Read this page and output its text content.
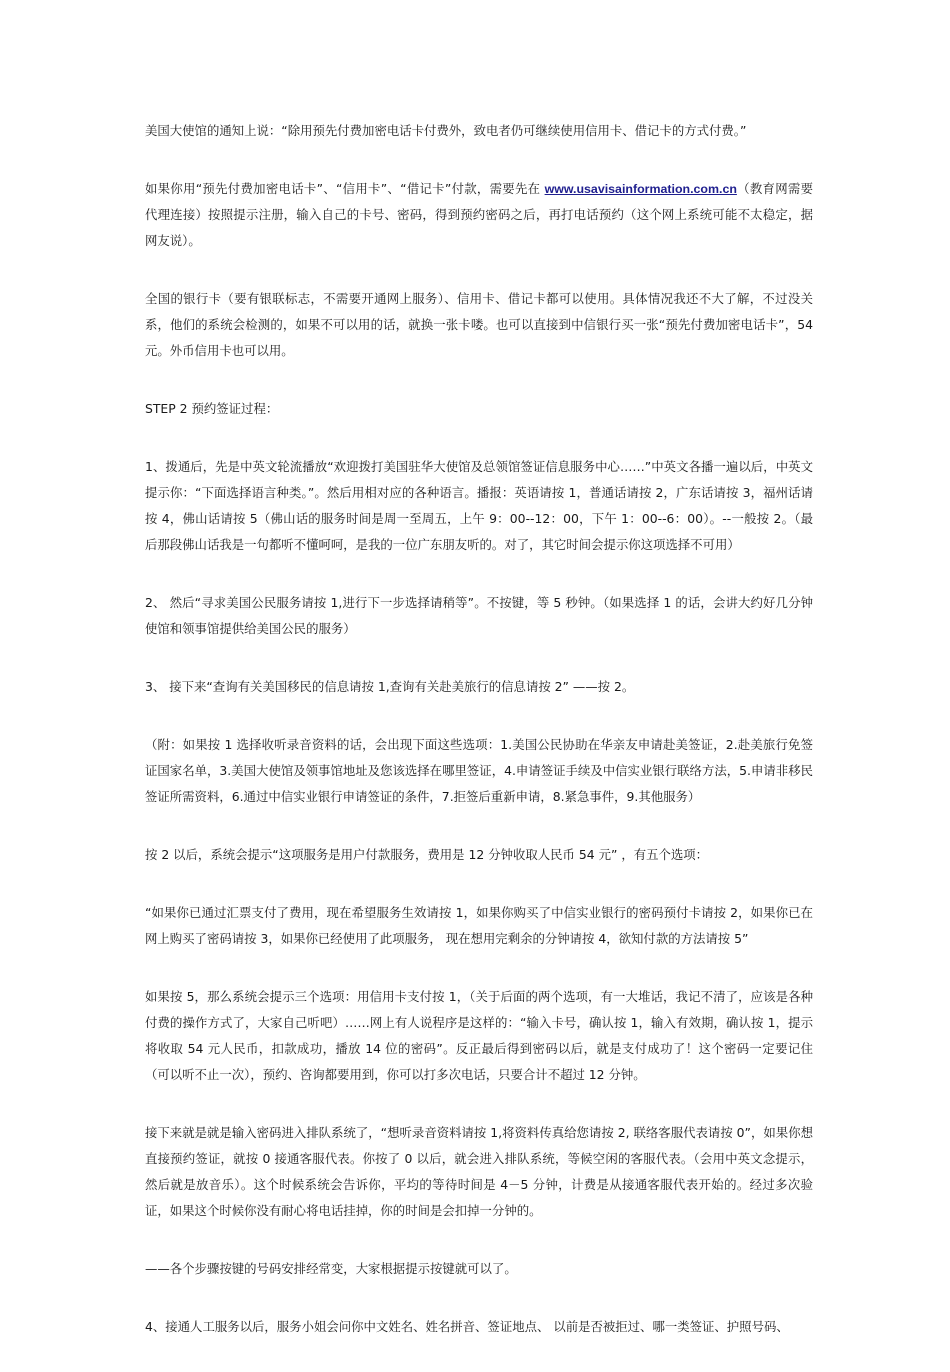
美国大使馆的通知上说：“除用预先付费加密电话卡付费外，致电者仍可继续使用信用卡、借记卡的方式付费。”

如果你用“预先付费加密电话卡”、“信用卡”、“借记卡”付款，需要先在 www.usavisainformation.com.cn（教育网需要代理连接）按照提示注册，输入自己的卡号、密码，得到预约密码之后，再打电话预约（这个网上系统可能不太稳定，据网友说）。

全国的银行卡（要有银联标志，不需要开通网上服务）、信用卡、借记卡都可以使用。具体情况我还不大了解，不过没关系，他们的系统会检测的，如果不可以用的话，就换一张卡喽。也可以直接到中信银行买一张“预先付费加密电话卡”，54 元。外币信用卡也可以用。

STEP 2 预约签证过程：

1、拨通后，先是中英文轮流播放“欢迎拨打美国驻华大使馆及总领馆签证信息服务中心……”中英文各播一遍以后，中英文提示你：“下面选择语言种类。”。然后用相对应的各种语言。播报：英语请按 1，普通话请按 2，广东话请按 3，福州话请按 4，佛山话请按 5（佛山话的服务时间是周一至周五，上午 9：00--12：00，下午 1：00--6：00）。--一般按 2。（最后那段佛山话我是一句都听不懂呵呵，是我的一位广东朋友听的。对了，其它时间会提示你这项选择不可用）

2、 然后“寻求美国公民服务请按 1,进行下一步选择请稍等”。不按键，等 5 秒钟。（如果选择 1 的话，会讲大约好几分钟使馆和领事馆提供给美国公民的服务）

3、 接下来“查询有关美国移民的信息请按 1,查询有关赴美旅行的信息请按 2” ——按 2。

（附：如果按 1 选择收听录音资料的话，会出现下面这些选项：1.美国公民协助在华亲友申请赴美签证，2.赴美旅行免签证国家名单，3.美国大使馆及领事馆地址及您该选择在哪里签证，4.申请签证手续及中信实业银行联络方法，5.申请非移民签证所需资料，6.通过中信实业银行申请签证的条件，7.拒签后重新申请，8.紧急事件，9.其他服务）

按 2 以后，系统会提示“这项服务是用户付款服务，费用是 12 分钟收取人民币 54 元” ，有五个选项：

“如果你已通过汇票支付了费用，现在希望服务生效请按 1，如果你购买了中信实业银行的密码预付卡请按 2，如果你已在网上购买了密码请按 3，如果你已经使用了此项服务， 现在想用完剩余的分钟请按 4，欲知付款的方法请按 5”

如果按 5，那么系统会提示三个选项：用信用卡支付按 1，（关于后面的两个选项，有一大堆话，我记不清了，应该是各种付费的操作方式了，大家自己听吧）……网上有人说程序是这样的：“输入卡号，确认按 1，输入有效期，确认按 1，提示将收取 54 元人民币，扣款成功，播放 14 位的密码”。反正最后得到密码以后，就是支付成功了！这个密码一定要记住（可以听不止一次），预约、咨询都要用到，你可以打多次电话，只要合计不超过 12 分钟。

接下来就是就是输入密码进入排队系统了，“想听录音资料请按 1,将资料传真给您请按 2, 联络客服代表请按 0”，如果你想直接预约签证，就按 0 接通客服代表。你按了 0 以后，就会进入排队系统，等候空闲的客服代表。（会用中英文念提示，然后就是放音乐）。这个时候系统会告诉你，平均的等待时间是 4－5 分钟，计费是从接通客服代表开始的。经过多次验证，如果这个时候你没有耐心将电话挂掉，你的时间是会扣掉一分钟的。

——各个步骤按键的号码安排经常变，大家根据提示按键就可以了。

4、接通人工服务以后，服务小姐会问你中文姓名、姓名拼音、签证地点、 以前是否被拒过、哪一类签证、护照号码、
